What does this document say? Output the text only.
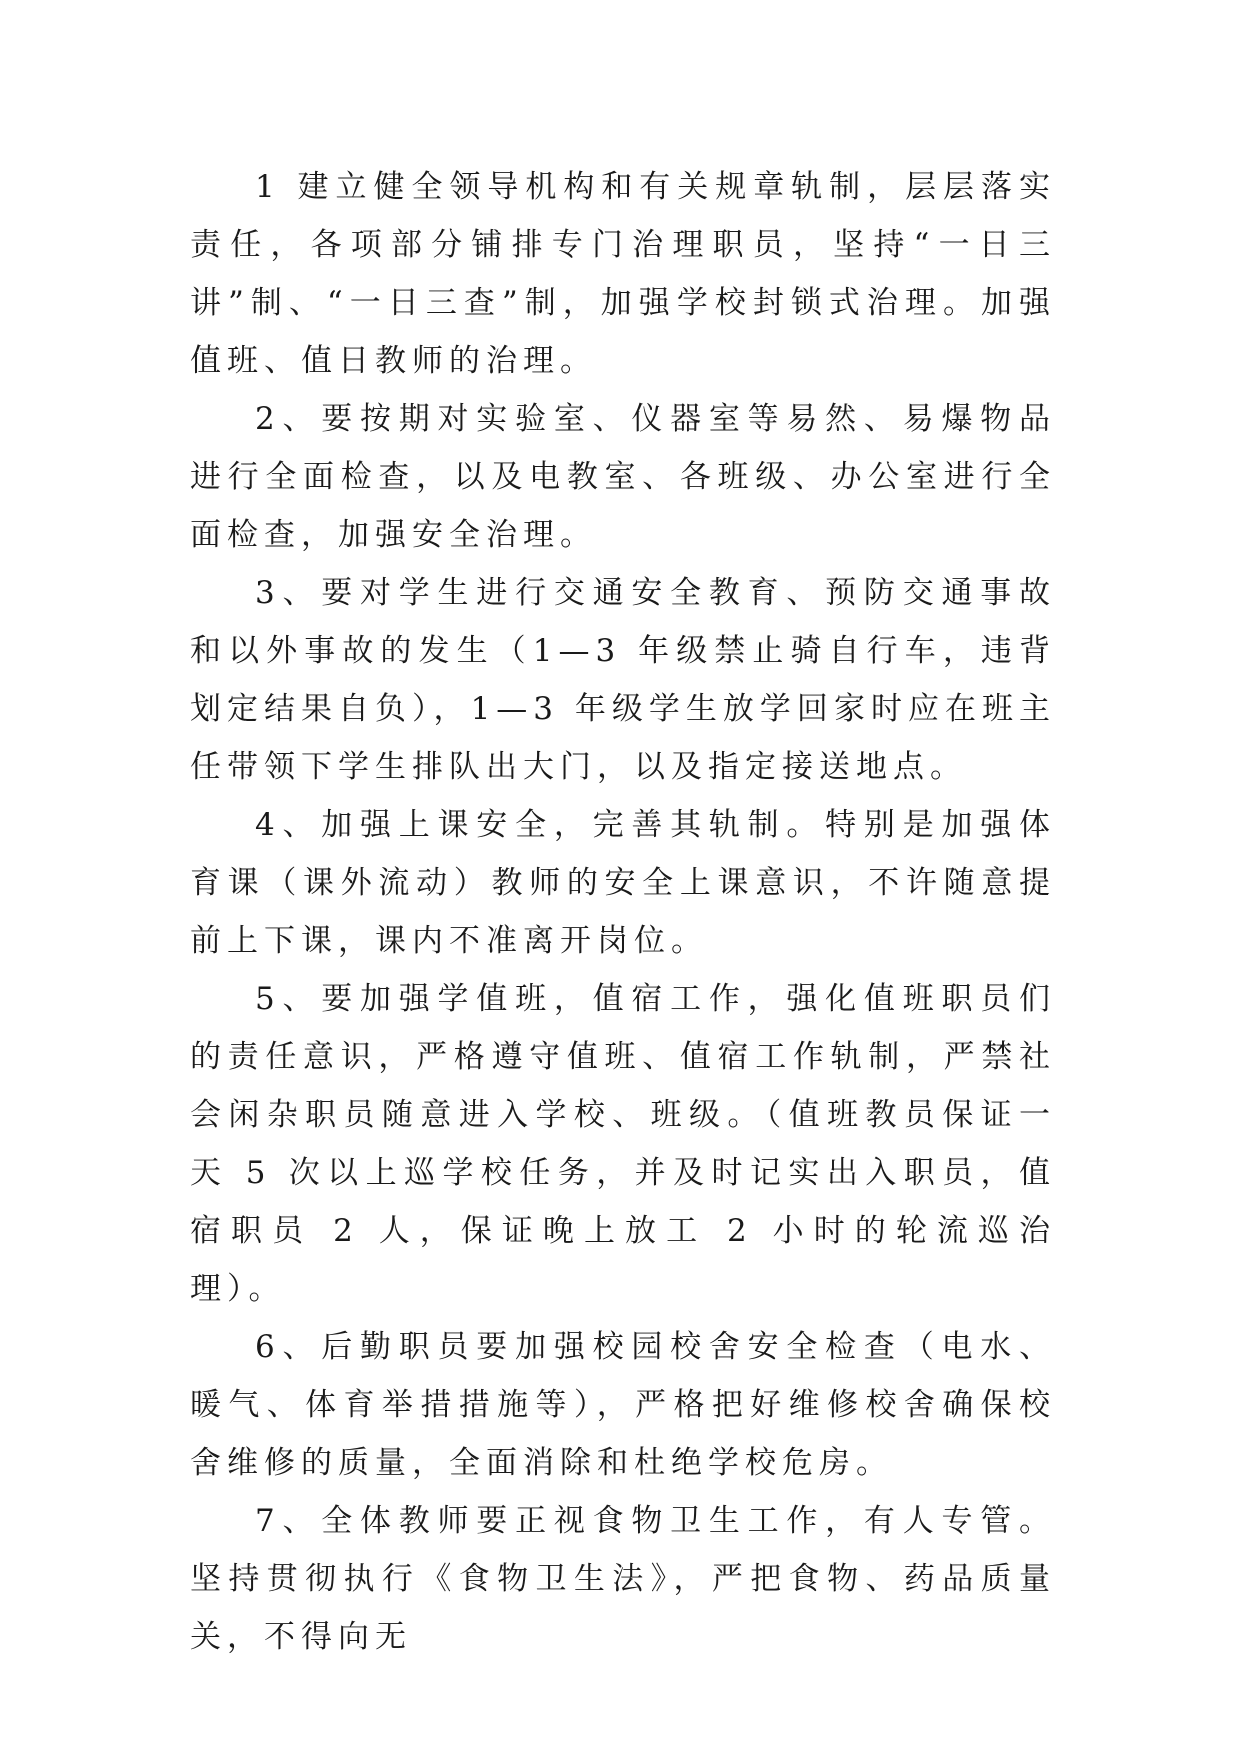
1 建立健全领导机构和有关规章轨制，层层落实责任，各项部分铺排专门治理职员，坚持“一日三讲”制、“一日三查”制，加强学校封锁式治理。加强值班、值日教师的治理。

2、要按期对实验室、仪器室等易然、易爆物品进行全面检查，以及电教室、各班级、办公室进行全面检查，加强安全治理。

3、要对学生进行交通安全教育、预防交通事故和以外事故的发生（1—3 年级禁止骑自行车，违背划定结果自负），1—3 年级学生放学回家时应在班主任带领下学生排队出大门，以及指定接送地点。

4、加强上课安全，完善其轨制。特别是加强体育课（课外流动）教师的安全上课意识，不许随意提前上下课，课内不准离开岗位。

5、要加强学值班，值宿工作，强化值班职员们的责任意识，严格遵守值班、值宿工作轨制，严禁社会闲杂职员随意进入学校、班级。（值班教员保证一天 5 次以上巡学校任务，并及时记实出入职员，值宿职员 2 人，保证晚上放工 2 小时的轮流巡治理）。

6、后勤职员要加强校园校舍安全检查（电水、暖气、体育举措措施等），严格把好维修校舍确保校舍维修的质量，全面消除和杜绝学校危房。

7、全体教师要正视食物卫生工作，有人专管。坚持贯彻执行《食物卫生法》，严把食物、药品质量关，不得向无
